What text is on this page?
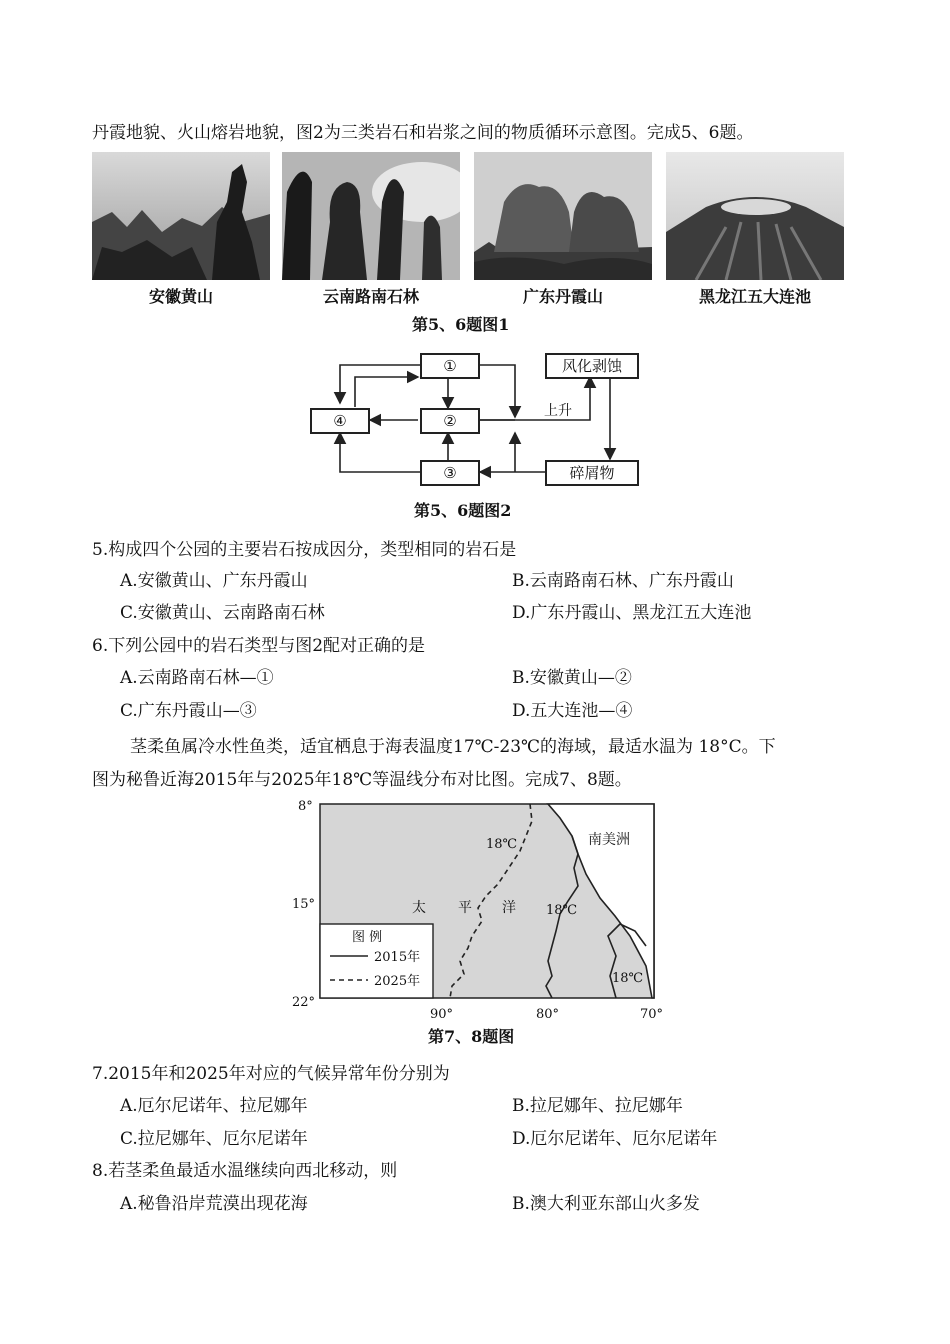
丹霞地貌、火山熔岩地貌，图2为三类岩石和岩浆之间的物质循环示意图。完成5、6题。
安徽黄山	云南路南石林	广东丹霞山	黑龙江五大连池
第5、6题图1
①
②
③
④
风化剥蚀
碎屑物
上升
第5、6题图2
5.构成四个公园的主要岩石按成因分，类型相同的岩石是
A.安徽黄山、广东丹霞山	B.云南路南石林、广东丹霞山
C.安徽黄山、云南路南石林	D.广东丹霞山、黑龙江五大连池
6.下列公园中的岩石类型与图2配对正确的是
A.云南路南石林—①	B.安徽黄山—②
C.广东丹霞山—③	D.五大连池—④
茎柔鱼属冷水性鱼类，适宜栖息于海表温度17℃-23℃的海域，最适水温为 18°C。下
图为秘鲁近海2015年与2025年18℃等温线分布对比图。完成7、8题。
8°
15°
22°
90°	80°	70°
南美洲
太 平 洋
18℃
18℃
18℃
图 例
2015年
2025年
第7、8题图
7.2015年和2025年对应的气候异常年份分别为
A.厄尔尼诺年、拉尼娜年	B.拉尼娜年、拉尼娜年
C.拉尼娜年、厄尔尼诺年	D.厄尔尼诺年、厄尔尼诺年
8.若茎柔鱼最适水温继续向西北移动，则
A.秘鲁沿岸荒漠出现花海	B.澳大利亚东部山火多发
